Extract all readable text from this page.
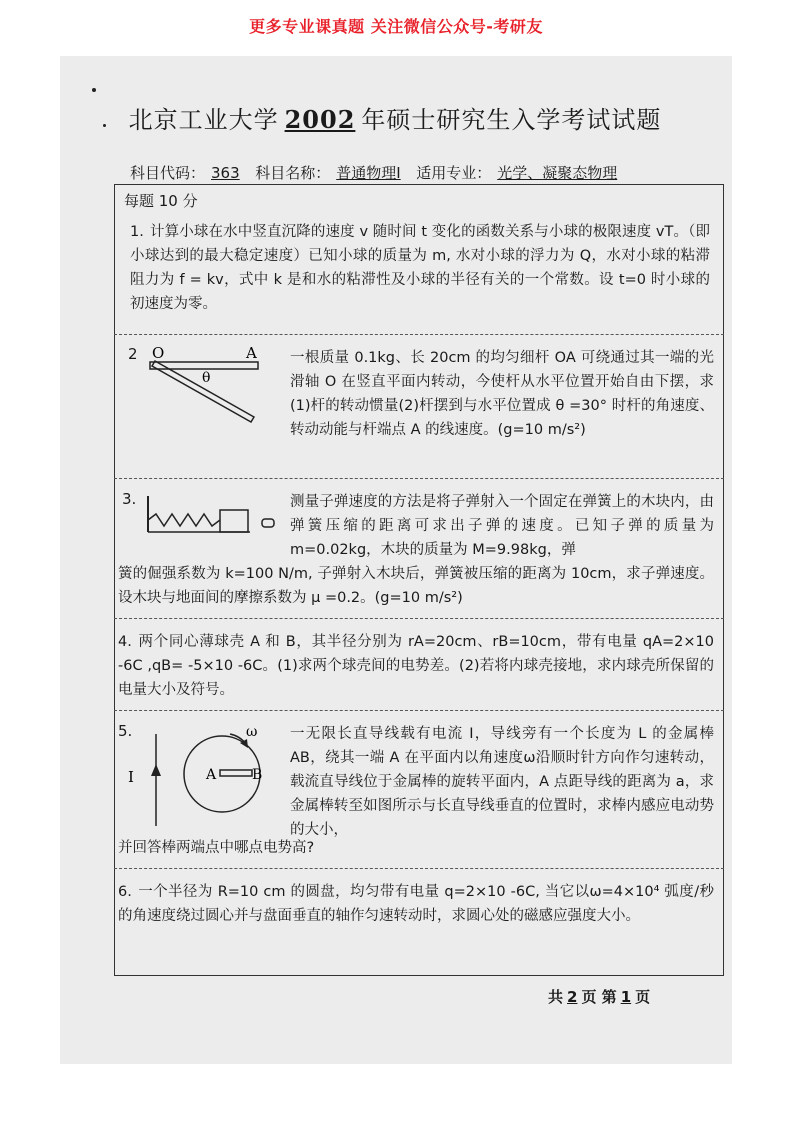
更多专业课真题 关注微信公众号-考研友
北京工业大学 2002 年硕士研究生入学考试试题
科目代码： 363 科目名称： 普通物理Ⅰ 适用专业： 光学、凝聚态物理
每题 10 分
1. 计算小球在水中竖直沉降的速度 v 随时间 t 变化的函数关系与小球的极限速度 vT。（即小球达到的最大稳定速度）已知小球的质量为 m, 水对小球的浮力为 Q，水对小球的粘滞阻力为 f = kv，式中 k 是和水的粘滞性及小球的半径有关的一个常数。设 t=0 时小球的初速度为零。
2 O	A
θ
一根质量 0.1kg、长 20cm 的均匀细杆 OA 可绕通过其一端的光滑轴 O 在竖直平面内转动，今使杆从水平位置开始自由下摆，求(1)杆的转动惯量(2)杆摆到与水平位置成 θ =30° 时杆的角速度、转动动能与杆端点 A 的线速度。(g=10 m/s²)
3.	测量子弹速度的方法是将子弹射入一个固定在弹簧上的木块内，由弹簧压缩的距离可求出子弹的速度。已知子弹的质量为 m=0.02kg，木块的质量为 M=9.98kg，弹
簧的倔强系数为 k=100 N/m, 子弹射入木块后，弹簧被压缩的距离为 10cm，求子弹速度。设木块与地面间的摩擦系数为 μ =0.2。(g=10 m/s²)
4. 两个同心薄球壳 A 和 B，其半径分别为 rA=20cm、rB=10cm，带有电量 qA=2×10 -6C ,qB= -5×10 -6C。(1)求两个球壳间的电势差。(2)若将内球壳接地，求内球壳所保留的电量大小及符号。
5.
I	A	B
ω 一无限长直导线载有电流 I，导线旁有一个长度为 L 的金属棒 AB，绕其一端 A 在平面内以角速度ω沿顺时针方向作匀速转动，载流直导线位于金属棒的旋转平面内，A 点距导线的距离为 a，求金属棒转至如图所示与长直导线垂直的位置时，求棒内感应电动势的大小，
并回答棒两端点中哪点电势高?
6. 一个半径为 R=10 cm 的圆盘，均匀带有电量 q=2×10 -6C, 当它以ω=4×10⁴ 弧度/秒 的角速度绕过圆心并与盘面垂直的轴作匀速转动时，求圆心处的磁感应强度大小。
共 2 页 第 1 页
